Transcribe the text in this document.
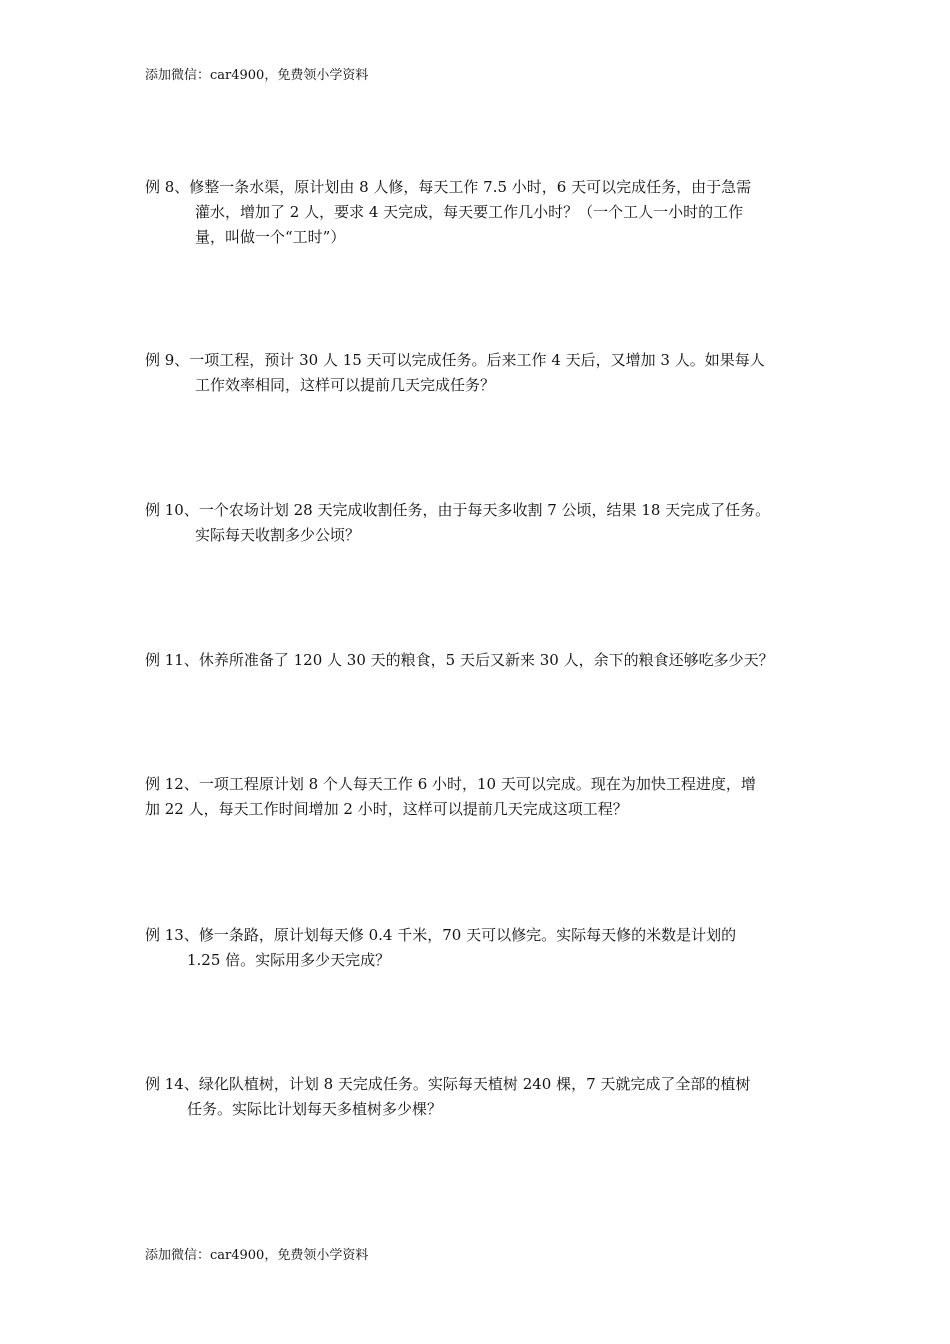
添加微信：car4900，免费领小学资料
例 8、修整一条水渠，原计划由 8 人修，每天工作 7.5 小时，6 天可以完成任务，由于急需
灌水，增加了 2 人，要求 4 天完成，每天要工作几小时？（一个工人一小时的工作
量，叫做一个“工时”）
例 9、一项工程，预计 30 人 15 天可以完成任务。后来工作 4 天后，又增加 3 人。如果每人
工作效率相同，这样可以提前几天完成任务？
例 10、一个农场计划 28 天完成收割任务，由于每天多收割 7 公顷，结果 18 天完成了任务。
实际每天收割多少公顷？
例 11、休养所准备了 120 人 30 天的粮食，5 天后又新来 30 人，余下的粮食还够吃多少天？
例 12、一项工程原计划 8 个人每天工作 6 小时，10 天可以完成。现在为加快工程进度，增
加 22 人，每天工作时间增加 2 小时，这样可以提前几天完成这项工程？
例 13、修一条路，原计划每天修 0.4 千米，70 天可以修完。实际每天修的米数是计划的
1.25 倍。实际用多少天完成？
例 14、绿化队植树，计划 8 天完成任务。实际每天植树 240 棵，7 天就完成了全部的植树
任务。实际比计划每天多植树多少棵？
添加微信：car4900，免费领小学资料
